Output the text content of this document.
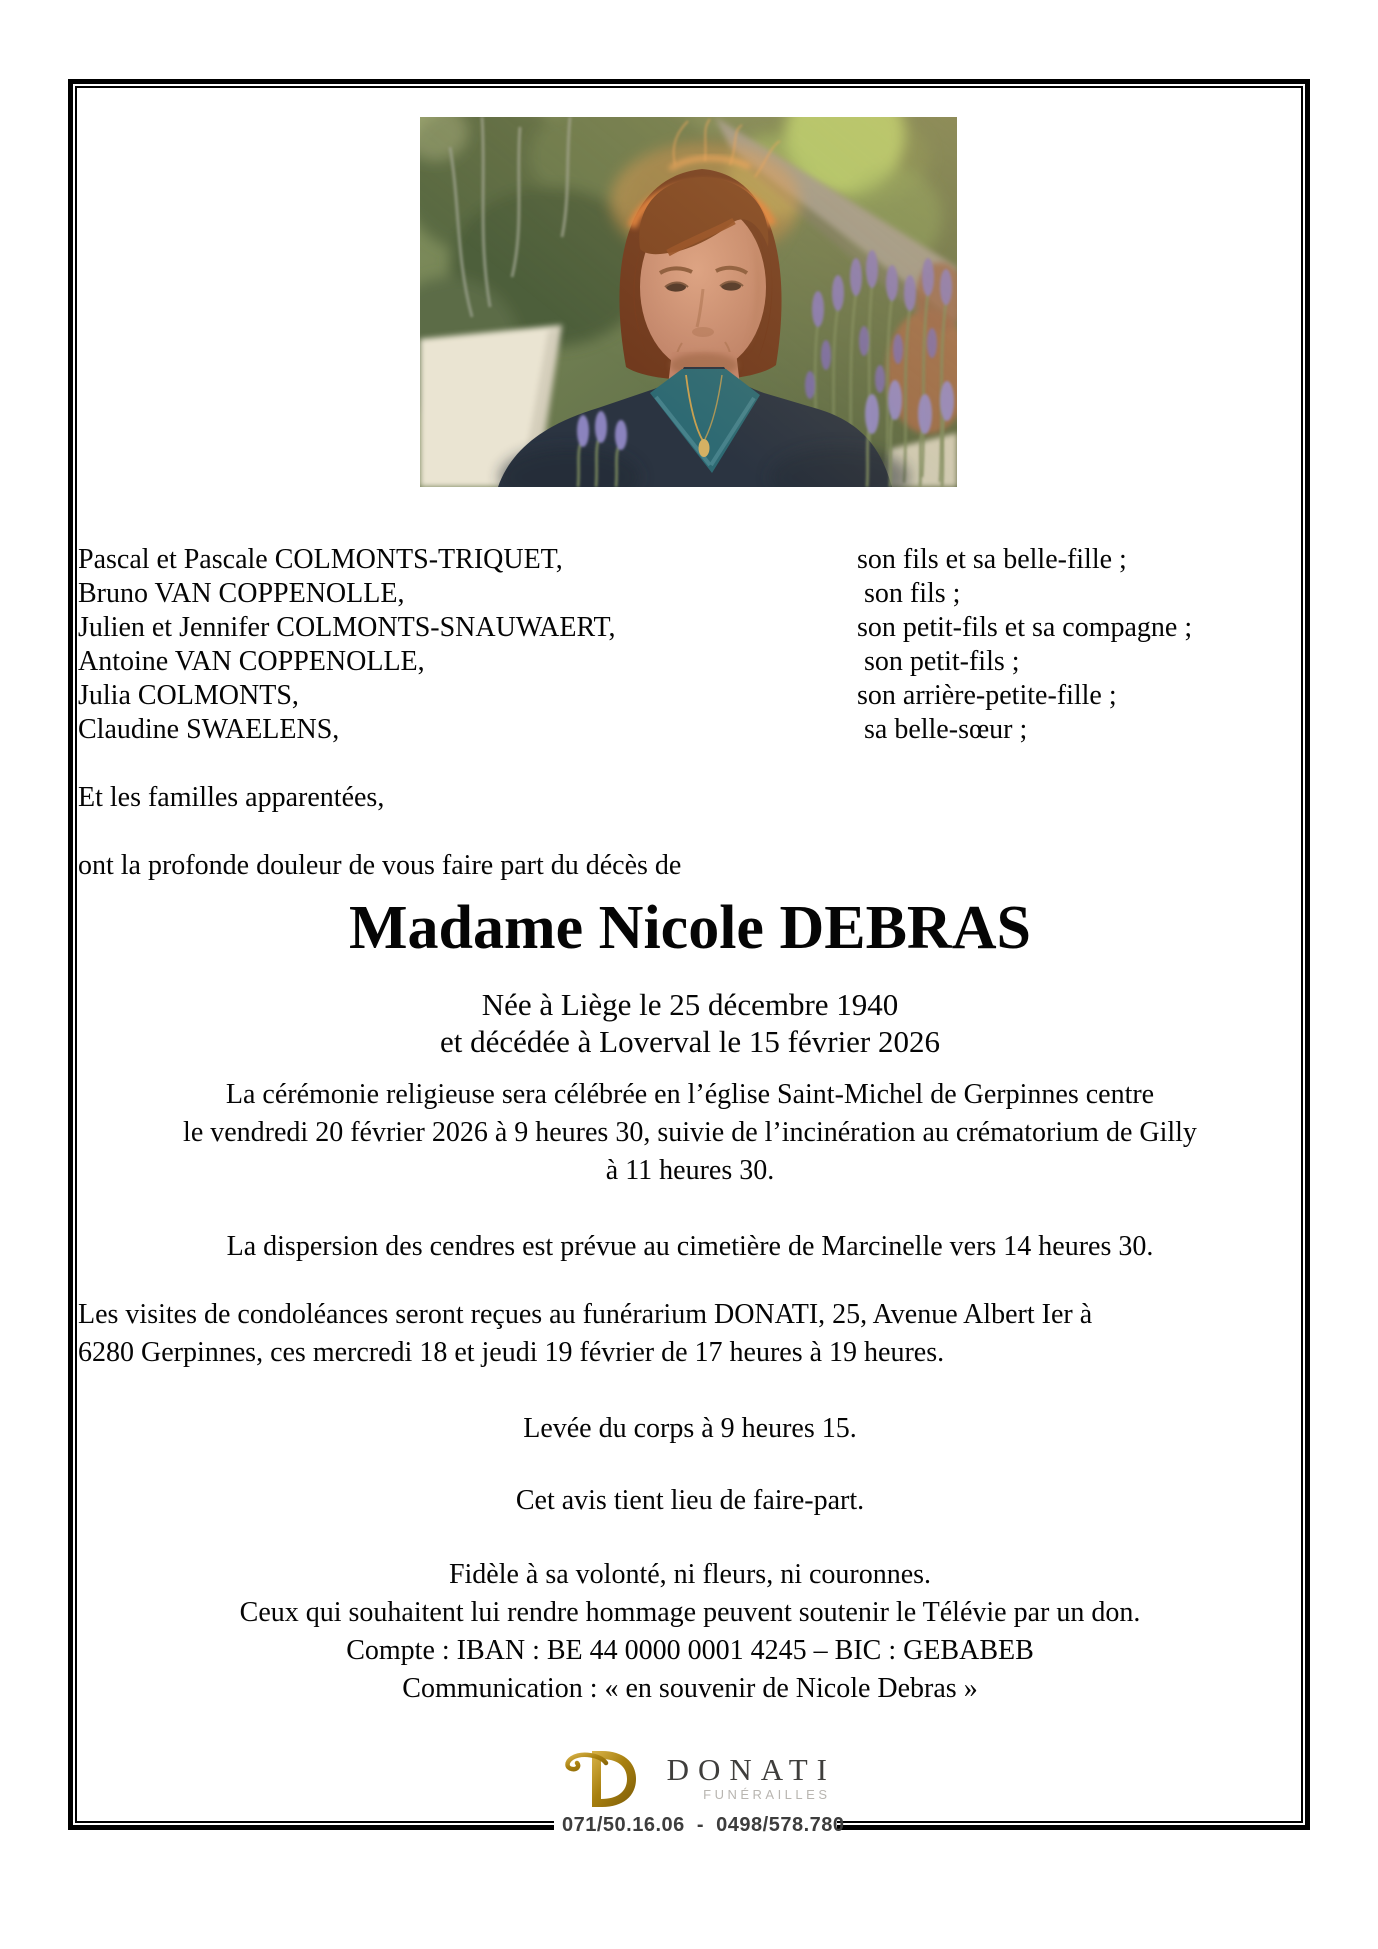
Pascal et Pascale COLMONTS-TRIQUET,	son fils et sa belle-fille ;
Bruno VAN COPPENOLLE,	son fils ;
Julien et Jennifer COLMONTS-SNAUWAERT,	son petit-fils et sa compagne ;
Antoine VAN COPPENOLLE,	son petit-fils ;
Julia COLMONTS,	son arrière-petite-fille ;
Claudine SWAELENS,	sa belle-sœur ;
Et les familles apparentées,
ont la profonde douleur de vous faire part du décès de
Madame Nicole DEBRAS
Née à Liège le 25 décembre 1940
et décédée à Loverval le 15 février 2026
La cérémonie religieuse sera célébrée en l’église Saint-Michel de Gerpinnes centre
le vendredi 20 février 2026 à 9 heures 30, suivie de l’incinération au crématorium de Gilly
à 11 heures 30.
La dispersion des cendres est prévue au cimetière de Marcinelle vers 14 heures 30.
Les visites de condoléances seront reçues au funérarium DONATI, 25, Avenue Albert Ier à
6280 Gerpinnes, ces mercredi 18 et jeudi 19 février de 17 heures à 19 heures.
Levée du corps à 9 heures 15.
Cet avis tient lieu de faire-part.
Fidèle à sa volonté, ni fleurs, ni couronnes.
Ceux qui souhaitent lui rendre hommage peuvent soutenir le Télévie par un don.
Compte : IBAN : BE 44 0000 0001 4245 – BIC : GEBABEB
Communication : « en souvenir de Nicole Debras »
DONATI
FUNÉRAILLES
071/50.16.06  -  0498/578.780
